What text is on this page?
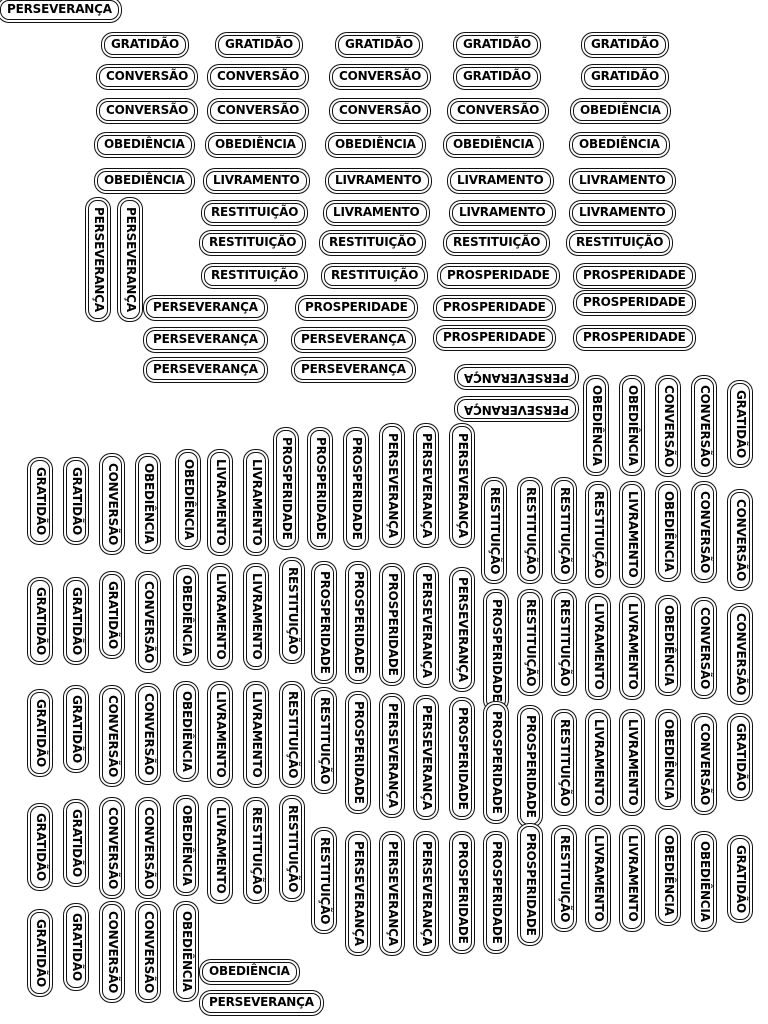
GRATIDÃO	GRATIDÃO	GRATIDÃO	GRATIDÃO	GRATIDÃO
CONVERSÃO	CONVERSÃO	CONVERSÃO	GRATIDÃO	GRATIDÃO
CONVERSÃO	CONVERSÃO	CONVERSÃO	CONVERSÃO	OBEDIÊNCIA
OBEDIÊNCIA	OBEDIÊNCIA	OBEDIÊNCIA	OBEDIÊNCIA	OBEDIÊNCIA
OBEDIÊNCIA	LIVRAMENTO	LIVRAMENTO	LIVRAMENTO	LIVRAMENTO
RESTITUIÇÃO	LIVRAMENTO	LIVRAMENTO	LIVRAMENTO
RESTITUIÇÃO	RESTITUIÇÃO	RESTITUIÇÃO	RESTITUIÇÃO
RESTITUIÇÃO	RESTITUIÇÃO	PROSPERIDADE	PROSPERIDADE
PERSEVERANÇA	PERSEVERANÇA	PERSEVERANÇA	PROSPERIDADE	PROSPERIDADE	PROSPERIDADE
PERSEVERANÇA	PERSEVERANÇA	PROSPERIDADE	PROSPERIDADE
PERSEVERANÇA	PERSEVERANÇA
PERSEVERANÇA
PERSEVERANÇA	OBEDIÊNCIA	OBEDIÊNCIA	CONVERSÃO	CONVERSÃO	GRATIDÃO
PROSPERIDADE	PROSPERIDADE	PROSPERIDADE	PERSEVERANÇA	PERSEVERANÇA	PERSEVERANÇA
GRATIDÃO	GRATIDÃO	CONVERSÃO	OBEDIÊNCIA	OBEDIÊNCIA	LIVRAMENTO	LIVRAMENTO	RESTITUIÇÃO	RESTITUIÇÃO	RESTITUIÇÃO	RESTITUIÇÃO	LIVRAMENTO	OBEDIÊNCIA	CONVERSÃO	CONVERSÃO
GRATIDÃO	GRATIDÃO	GRATIDÃO	CONVERSÃO	OBEDIÊNCIA	LIVRAMENTO	LIVRAMENTO	RESTITUIÇÃO	PROSPERIDADE	PROSPERIDADE	PROSPERIDADE	PERSEVERANÇA	PERSEVERANÇA	PROSPERIDADE	RESTITUIÇÃO	RESTITUIÇÃO	LIVRAMENTO	LIVRAMENTO	OBEDIÊNCIA	CONVERSÃO	CONVERSÃO
GRATIDÃO	GRATIDÃO	CONVERSÃO	CONVERSÃO	OBEDIÊNCIA	LIVRAMENTO	LIVRAMENTO	RESTITUIÇÃO	RESTITUIÇÃO	PROSPERIDADE	PERSEVERANÇA	PERSEVERANÇA	PROSPERIDADE	PROSPERIDADE	PROSPERIDADE	RESTITUIÇÃO	LIVRAMENTO	LIVRAMENTO	OBEDIÊNCIA	CONVERSÃO	GRATIDÃO
GRATIDÃO	GRATIDÃO	CONVERSÃO	CONVERSÃO	OBEDIÊNCIA	LIVRAMENTO	RESTITUIÇÃO	RESTITUIÇÃO	RESTITUIÇÃO	PERSEVERANÇA	PERSEVERANÇA	PERSEVERANÇA	PROSPERIDADE	PROSPERIDADE	PROSPERIDADE	RESTITUIÇÃO	LIVRAMENTO	LIVRAMENTO	OBEDIÊNCIA	OBEDIÊNCIA	GRATIDÃO
GRATIDÃO	GRATIDÃO	CONVERSÃO	CONVERSÃO	OBEDIÊNCIA	OBEDIÊNCIA
PERSEVERANÇA
PERSEVERANÇA
